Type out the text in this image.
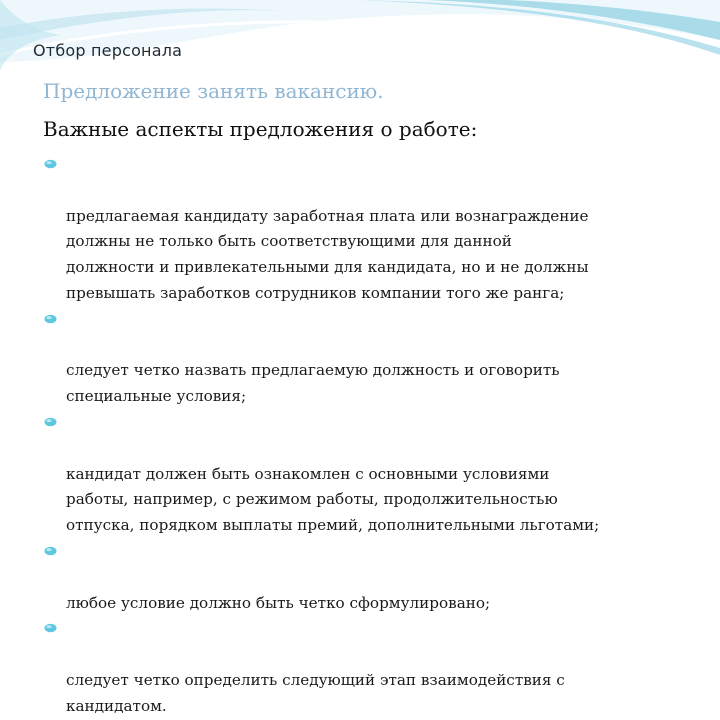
Отбор персонала
Предложение занять вакансию.
Важные аспекты предложения о работе:

предлагаемая кандидату заработная плата или вознаграждение
должны не только быть соответствующими для данной
должности и привлекательными для кандидата, но и не должны
превышать заработков сотрудников компании того же ранга;

следует четко назвать предлагаемую должность и оговорить
специальные условия;

кандидат должен быть ознакомлен с основными условиями
работы, например, с режимом работы, продолжительностью
отпуска, порядком выплаты премий, дополнительными льготами;

любое условие должно быть четко сформулировано;

следует четко определить следующий этап взаимодействия с
кандидатом.
